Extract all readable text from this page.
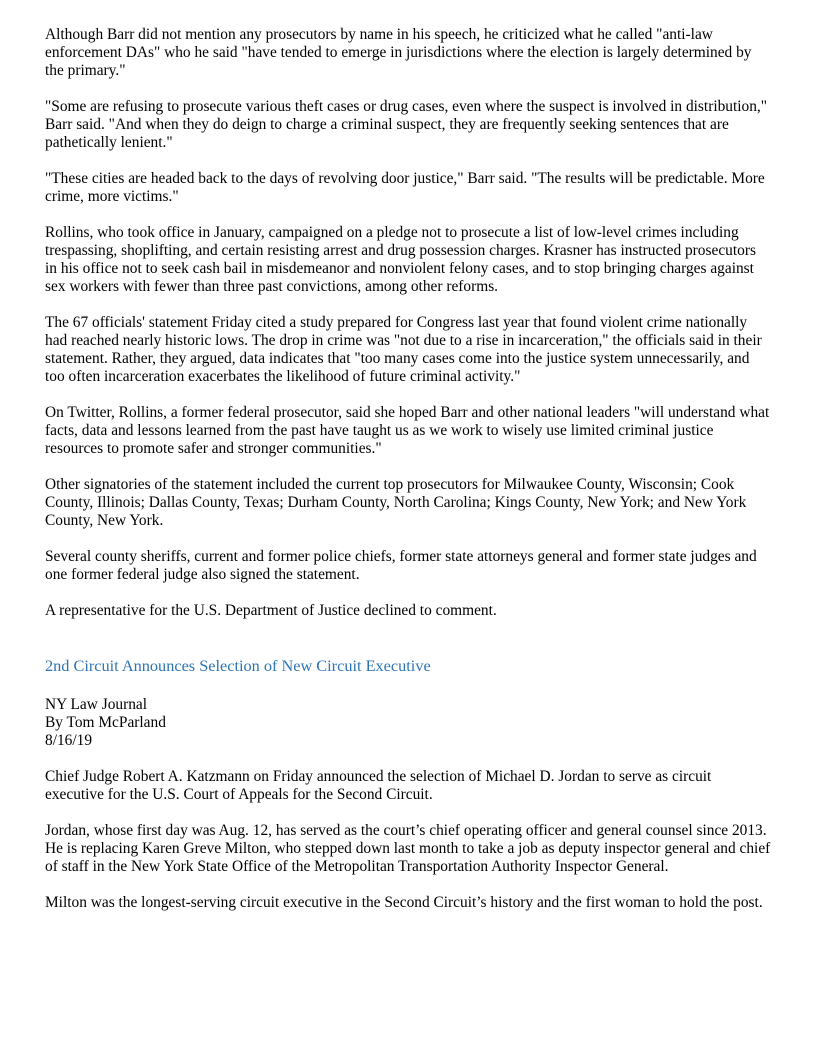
Although Barr did not mention any prosecutors by name in his speech, he criticized what he called "anti-law enforcement DAs" who he said "have tended to emerge in jurisdictions where the election is largely determined by the primary."

"Some are refusing to prosecute various theft cases or drug cases, even where the suspect is involved in distribution," Barr said. "And when they do deign to charge a criminal suspect, they are frequently seeking sentences that are pathetically lenient."

"These cities are headed back to the days of revolving door justice," Barr said. "The results will be predictable. More crime, more victims."

Rollins, who took office in January, campaigned on a pledge not to prosecute a list of low-level crimes including trespassing, shoplifting, and certain resisting arrest and drug possession charges. Krasner has instructed prosecutors in his office not to seek cash bail in misdemeanor and nonviolent felony cases, and to stop bringing charges against sex workers with fewer than three past convictions, among other reforms.

The 67 officials' statement Friday cited a study prepared for Congress last year that found violent crime nationally had reached nearly historic lows. The drop in crime was "not due to a rise in incarceration," the officials said in their statement. Rather, they argued, data indicates that "too many cases come into the justice system unnecessarily, and too often incarceration exacerbates the likelihood of future criminal activity."

On Twitter, Rollins, a former federal prosecutor, said she hoped Barr and other national leaders "will understand what facts, data and lessons learned from the past have taught us as we work to wisely use limited criminal justice resources to promote safer and stronger communities."

Other signatories of the statement included the current top prosecutors for Milwaukee County, Wisconsin; Cook County, Illinois; Dallas County, Texas; Durham County, North Carolina; Kings County, New York; and New York County, New York.

Several county sheriffs, current and former police chiefs, former state attorneys general and former state judges and one former federal judge also signed the statement.

A representative for the U.S. Department of Justice declined to comment.

2nd Circuit Announces Selection of New Circuit Executive
NY Law Journal
By Tom McParland
8/16/19

Chief Judge Robert A. Katzmann on Friday announced the selection of Michael D. Jordan to serve as circuit executive for the U.S. Court of Appeals for the Second Circuit.

Jordan, whose first day was Aug. 12, has served as the court’s chief operating officer and general counsel since 2013. He is replacing Karen Greve Milton, who stepped down last month to take a job as deputy inspector general and chief of staff in the New York State Office of the Metropolitan Transportation Authority Inspector General.

Milton was the longest-serving circuit executive in the Second Circuit’s history and the first woman to hold the post.
